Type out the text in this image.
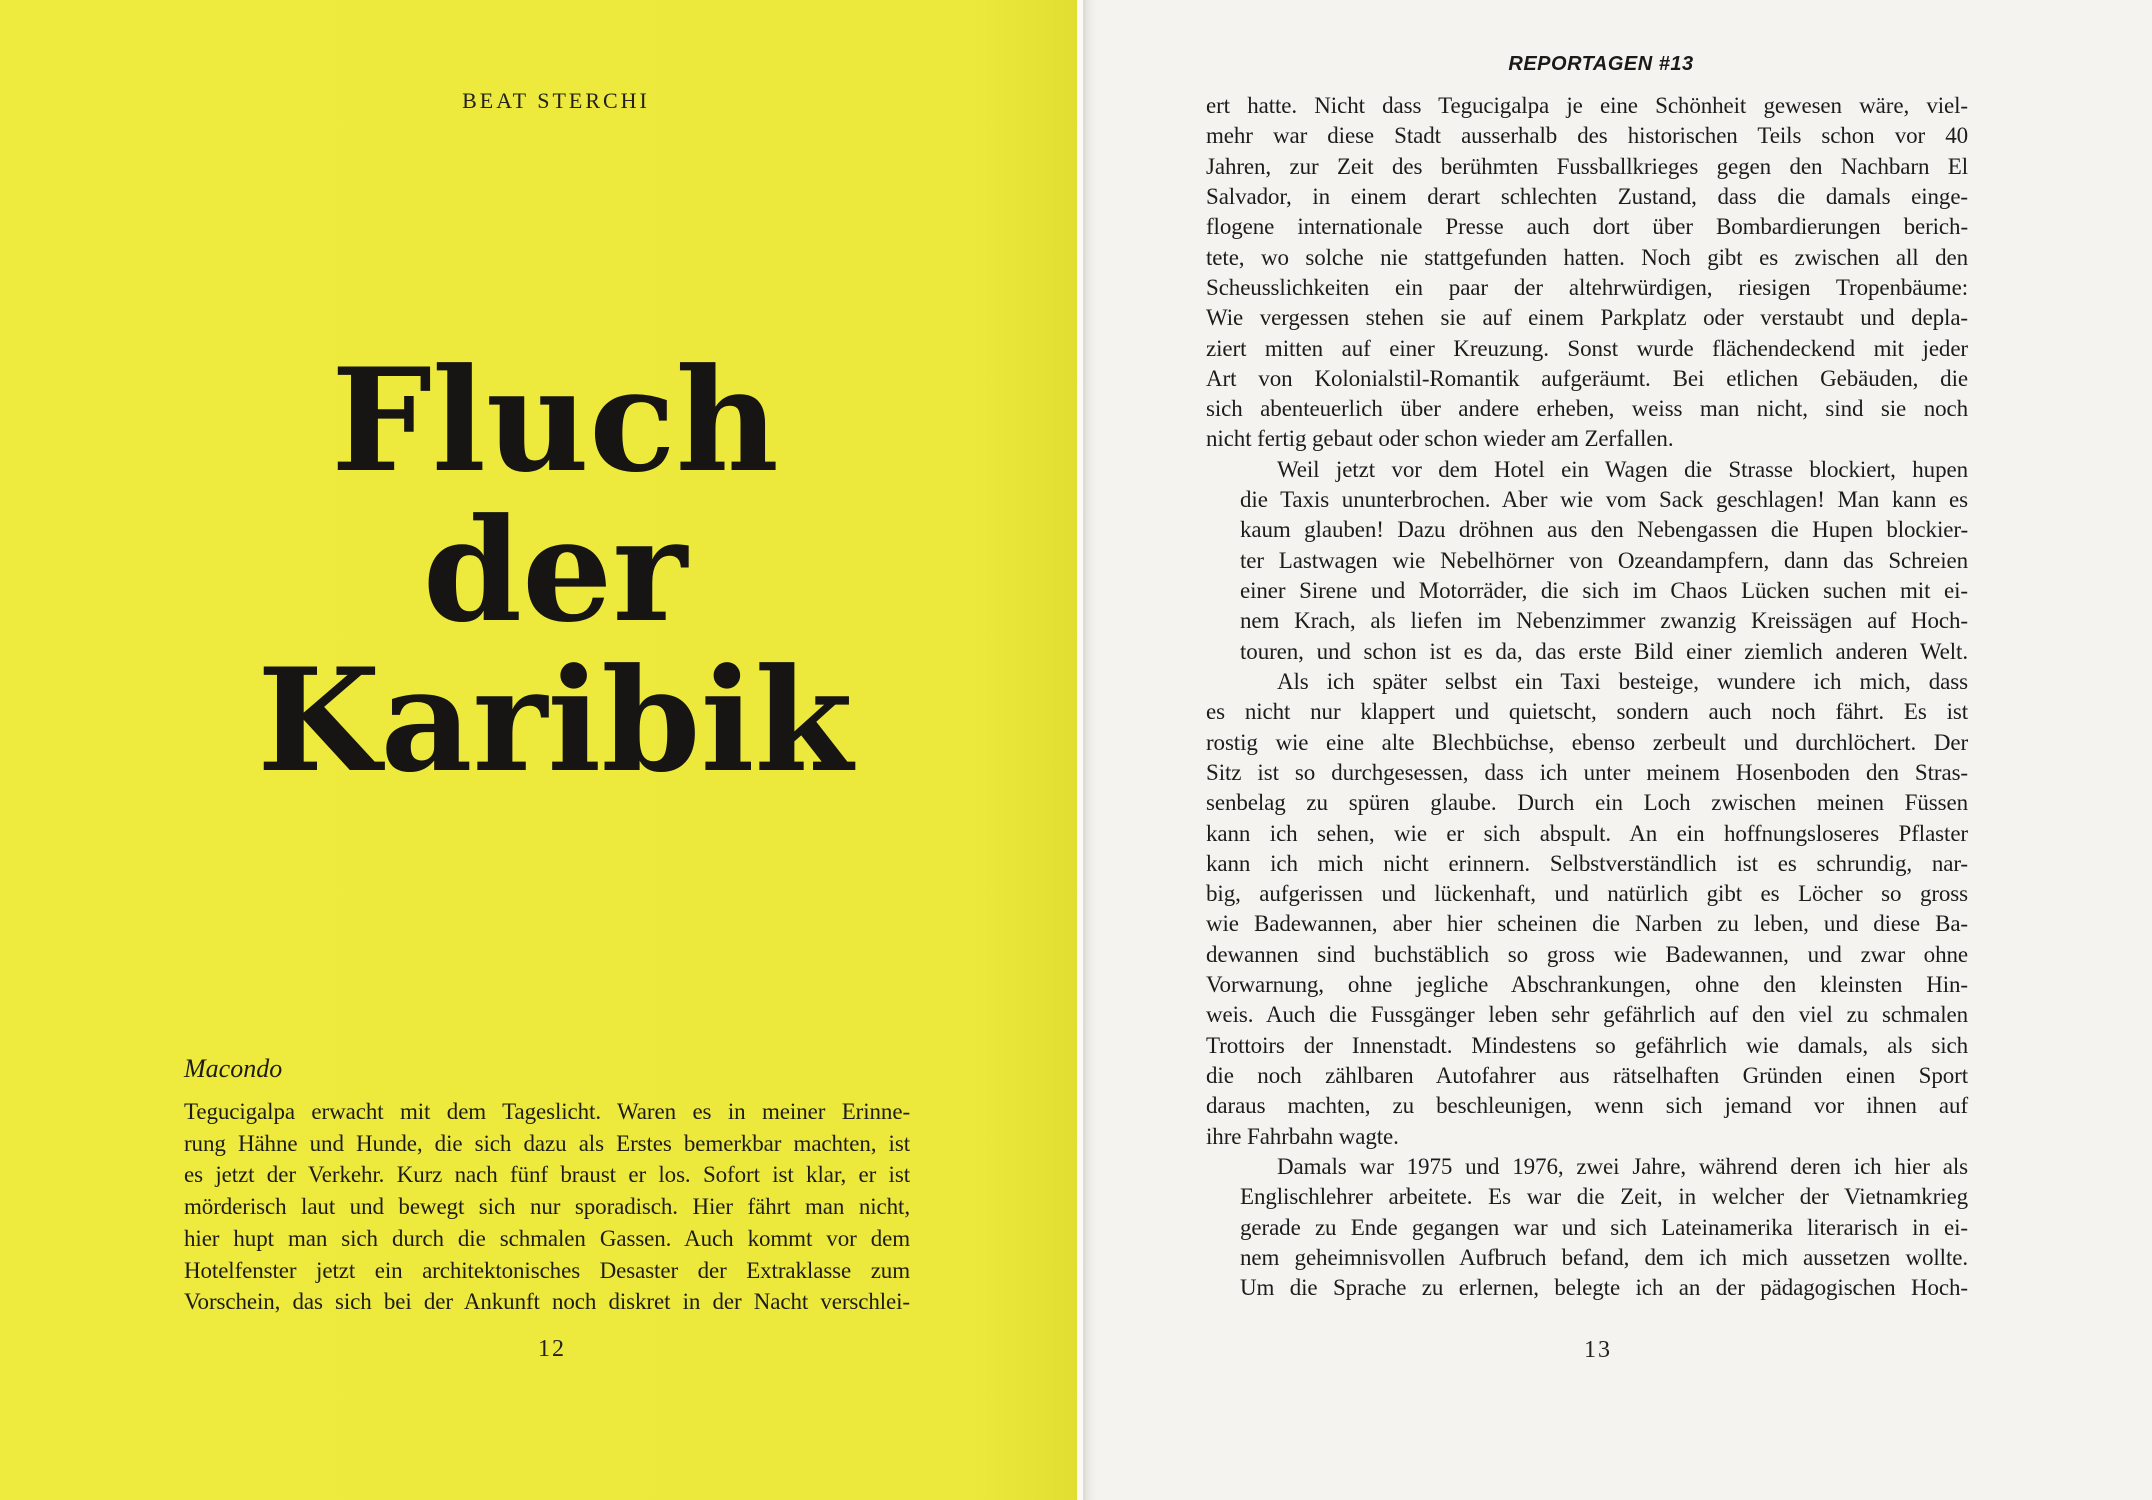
BEAT STERCHI
Fluch
der
Karibik
Macondo
Tegucigalpa erwacht mit dem Tageslicht. Waren es in meiner Erinne-
rung Hähne und Hunde, die sich dazu als Erstes bemerkbar machten, ist
es jetzt der Verkehr. Kurz nach fünf braust er los. Sofort ist klar, er ist
mörderisch laut und bewegt sich nur sporadisch. Hier fährt man nicht,
hier hupt man sich durch die schmalen Gassen. Auch kommt vor dem
Hotelfenster jetzt ein architektonisches Desaster der Extraklasse zum
Vorschein, das sich bei der Ankunft noch diskret in der Nacht verschlei-
12
REPORTAGEN #13
ert hatte. Nicht dass Tegucigalpa je eine Schönheit gewesen wäre, viel-
mehr war diese Stadt ausserhalb des historischen Teils schon vor 40
Jahren, zur Zeit des berühmten Fussballkrieges gegen den Nachbarn El
Salvador, in einem derart schlechten Zustand, dass die damals einge-
flogene internationale Presse auch dort über Bombardierungen berich-
tete, wo solche nie stattgefunden hatten. Noch gibt es zwischen all den
Scheusslichkeiten ein paar der altehrwürdigen, riesigen Tropenbäume:
Wie vergessen stehen sie auf einem Parkplatz oder verstaubt und depla-
ziert mitten auf einer Kreuzung. Sonst wurde flächendeckend mit jeder
Art von Kolonialstil-Romantik aufgeräumt. Bei etlichen Gebäuden, die
sich abenteuerlich über andere erheben, weiss man nicht, sind sie noch
nicht fertig gebaut oder schon wieder am Zerfallen.
Weil jetzt vor dem Hotel ein Wagen die Strasse blockiert, hupen
die Taxis ununterbrochen. Aber wie vom Sack geschlagen! Man kann es
kaum glauben! Dazu dröhnen aus den Nebengassen die Hupen blockier-
ter Lastwagen wie Nebelhörner von Ozeandampfern, dann das Schreien
einer Sirene und Motorräder, die sich im Chaos Lücken suchen mit ei-
nem Krach, als liefen im Nebenzimmer zwanzig Kreissägen auf Hoch-
touren, und schon ist es da, das erste Bild einer ziemlich anderen Welt.
Als ich später selbst ein Taxi besteige, wundere ich mich, dass
es nicht nur klappert und quietscht, sondern auch noch fährt. Es ist
rostig wie eine alte Blechbüchse, ebenso zerbeult und durchlöchert. Der
Sitz ist so durchgesessen, dass ich unter meinem Hosenboden den Stras-
senbelag zu spüren glaube. Durch ein Loch zwischen meinen Füssen
kann ich sehen, wie er sich abspult. An ein hoffnungsloseres Pflaster
kann ich mich nicht erinnern. Selbstverständlich ist es schrundig, nar-
big, aufgerissen und lückenhaft, und natürlich gibt es Löcher so gross
wie Badewannen, aber hier scheinen die Narben zu leben, und diese Ba-
dewannen sind buchstäblich so gross wie Badewannen, und zwar ohne
Vorwarnung, ohne jegliche Abschrankungen, ohne den kleinsten Hin-
weis. Auch die Fussgänger leben sehr gefährlich auf den viel zu schmalen
Trottoirs der Innenstadt. Mindestens so gefährlich wie damals, als sich
die noch zählbaren Autofahrer aus rätselhaften Gründen einen Sport
daraus machten, zu beschleunigen, wenn sich jemand vor ihnen auf
ihre Fahrbahn wagte.
Damals war 1975 und 1976, zwei Jahre, während deren ich hier als
Englischlehrer arbeitete. Es war die Zeit, in welcher der Vietnamkrieg
gerade zu Ende gegangen war und sich Lateinamerika literarisch in ei-
nem geheimnisvollen Aufbruch befand, dem ich mich aussetzen wollte.
Um die Sprache zu erlernen, belegte ich an der pädagogischen Hoch-
13
